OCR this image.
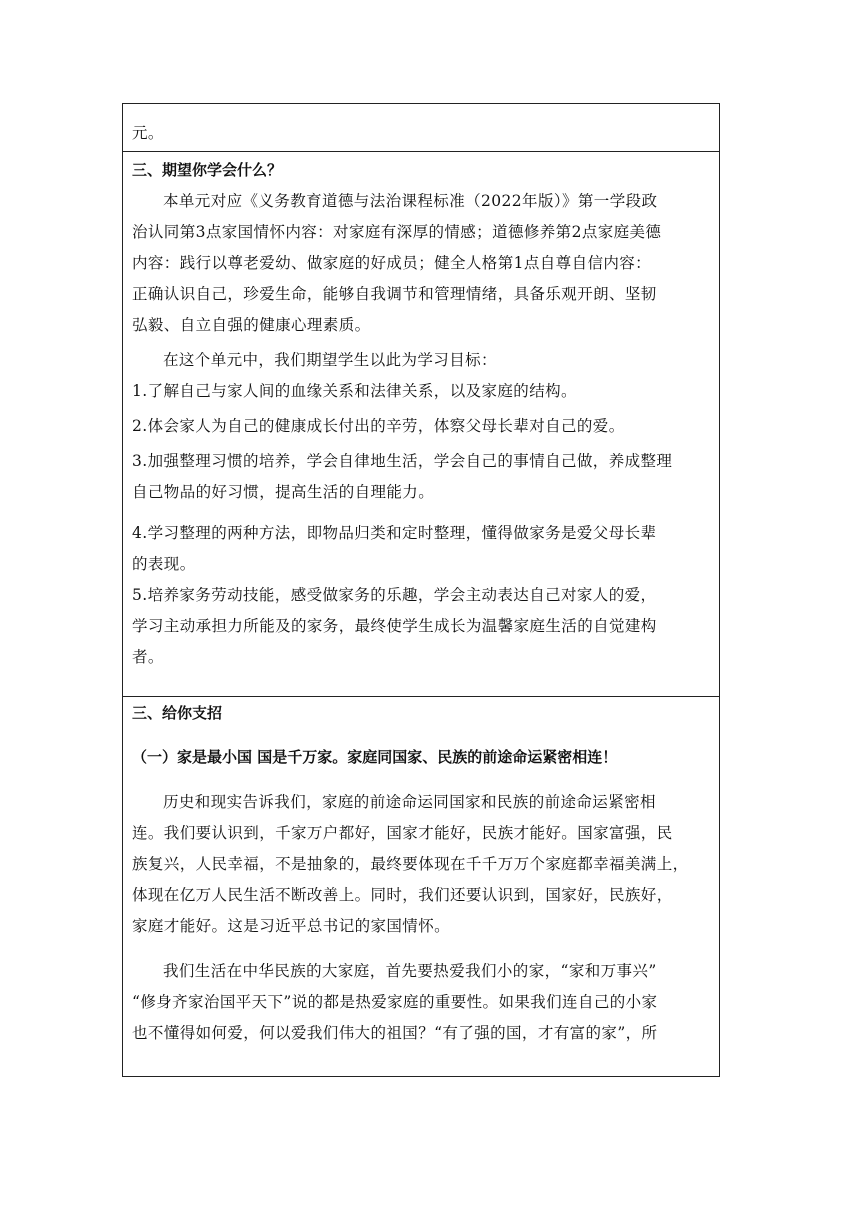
元。

三、期望你学会什么？

本单元对应《义务教育道德与法治课程标准（2022年版）》第一学段政

治认同第3点家国情怀内容：对家庭有深厚的情感；道德修养第2点家庭美德

内容：践行以尊老爱幼、做家庭的好成员；健全人格第1点自尊自信内容：

正确认识自己，珍爱生命，能够自我调节和管理情绪，具备乐观开朗、坚韧

弘毅、自立自强的健康心理素质。

在这个单元中，我们期望学生以此为学习目标：

1.了解自己与家人间的血缘关系和法律关系，以及家庭的结构。

2.体会家人为自己的健康成长付出的辛劳，体察父母长辈对自己的爱。

3.加强整理习惯的培养，学会自律地生活，学会自己的事情自己做，养成整理

自己物品的好习惯，提高生活的自理能力。

4.学习整理的两种方法，即物品归类和定时整理，懂得做家务是爱父母长辈

的表现。

5.培养家务劳动技能，感受做家务的乐趣，学会主动表达自己对家人的爱，

学习主动承担力所能及的家务，最终使学生成长为温馨家庭生活的自觉建构

者。

三、给你支招

（一）家是最小国 国是千万家。家庭同国家、民族的前途命运紧密相连！

历史和现实告诉我们，家庭的前途命运同国家和民族的前途命运紧密相

连。我们要认识到，千家万户都好，国家才能好，民族才能好。国家富强，民

族复兴，人民幸福，不是抽象的，最终要体现在千千万万个家庭都幸福美满上，

体现在亿万人民生活不断改善上。同时，我们还要认识到，国家好，民族好，

家庭才能好。这是习近平总书记的家国情怀。

我们生活在中华民族的大家庭，首先要热爱我们小的家，“家和万事兴”

“修身齐家治国平天下”说的都是热爱家庭的重要性。如果我们连自己的小家

也不懂得如何爱，何以爱我们伟大的祖国？“有了强的国，才有富的家”，所
